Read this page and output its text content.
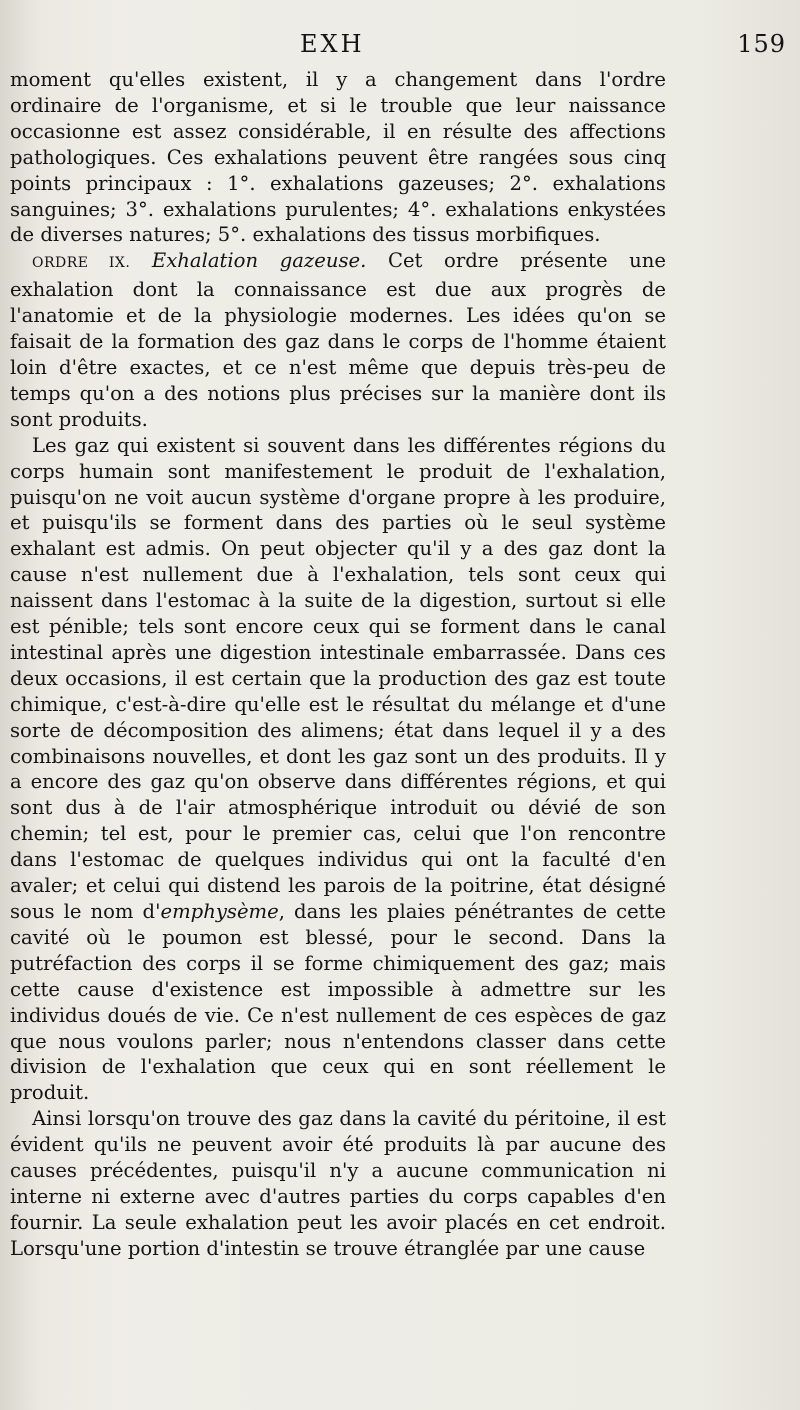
EXH	159

moment qu'elles existent, il y a changement dans l'ordre ordinaire de l'organisme, et si le trouble que leur naissance occasionne est assez considérable, il en résulte des affections pathologiques. Ces exhalations peuvent être rangées sous cinq points principaux : 1°. exhalations gazeuses; 2°. exhalations sanguines; 3°. exhalations purulentes; 4°. exhalations enkystées de diverses natures; 5°. exhalations des tissus morbifiques.

ORDRE IX. Exhalation gazeuse. Cet ordre présente une exhalation dont la connaissance est due aux progrès de l'anatomie et de la physiologie modernes. Les idées qu'on se faisait de la formation des gaz dans le corps de l'homme étaient loin d'être exactes, et ce n'est même que depuis très-peu de temps qu'on a des notions plus précises sur la manière dont ils sont produits.

Les gaz qui existent si souvent dans les différentes régions du corps humain sont manifestement le produit de l'exhalation, puisqu'on ne voit aucun système d'organe propre à les produire, et puisqu'ils se forment dans des parties où le seul système exhalant est admis. On peut objecter qu'il y a des gaz dont la cause n'est nullement due à l'exhalation, tels sont ceux qui naissent dans l'estomac à la suite de la digestion, surtout si elle est pénible; tels sont encore ceux qui se forment dans le canal intestinal après une digestion intestinale embarrassée. Dans ces deux occasions, il est certain que la production des gaz est toute chimique, c'est-à-dire qu'elle est le résultat du mélange et d'une sorte de décomposition des alimens; état dans lequel il y a des combinaisons nouvelles, et dont les gaz sont un des produits. Il y a encore des gaz qu'on observe dans différentes régions, et qui sont dus à de l'air atmosphérique introduit ou dévié de son chemin; tel est, pour le premier cas, celui que l'on rencontre dans l'estomac de quelques individus qui ont la faculté d'en avaler; et celui qui distend les parois de la poitrine, état désigné sous le nom d'emphysème, dans les plaies pénétrantes de cette cavité où le poumon est blessé, pour le second. Dans la putréfaction des corps il se forme chimiquement des gaz; mais cette cause d'existence est impossible à admettre sur les individus doués de vie. Ce n'est nullement de ces espèces de gaz que nous voulons parler; nous n'entendons classer dans cette division de l'exhalation que ceux qui en sont réellement le produit.

Ainsi lorsqu'on trouve des gaz dans la cavité du péritoine, il est évident qu'ils ne peuvent avoir été produits là par aucune des causes précédentes, puisqu'il n'y a aucune communication ni interne ni externe avec d'autres parties du corps capables d'en fournir. La seule exhalation peut les avoir placés en cet endroit. Lorsqu'une portion d'intestin se trouve étranglée par une cause
